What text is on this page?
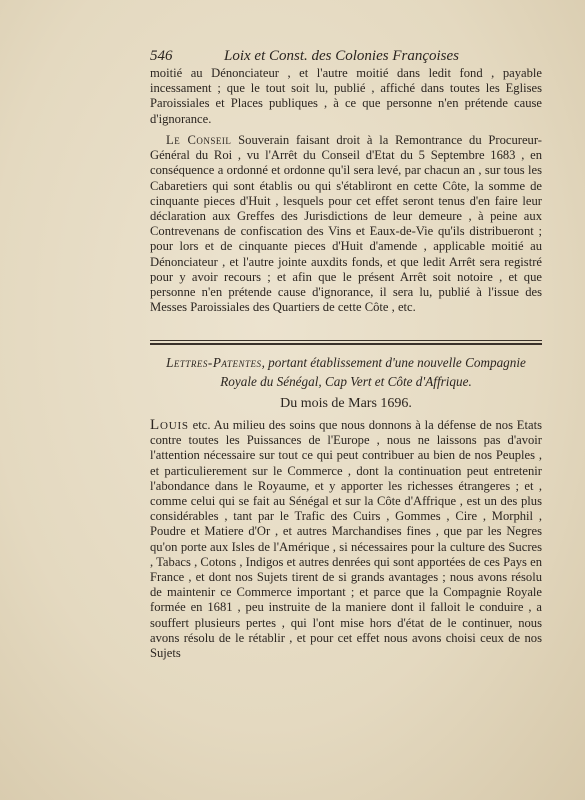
546	Loix et Const. des Colonies Françoises

moitié au Dénonciateur , et l'autre moitié dans ledit fond , payable incessament ; que le tout soit lu, publié , affiché dans toutes les Eglises Paroissiales et Places publiques , à ce que personne n'en prétende cause d'ignorance.

Le Conseil Souverain faisant droit à la Remontrance du Procureur-Général du Roi , vu l'Arrêt du Conseil d'Etat du 5 Septembre 1683 , en conséquence a ordonné et ordonne qu'il sera levé, par chacun an , sur tous les Cabaretiers qui sont établis ou qui s'établiront en cette Côte, la somme de cinquante pieces d'Huit , lesquels pour cet effet seront tenus d'en faire leur déclaration aux Greffes des Jurisdictions de leur demeure , à peine aux Contrevenans de confiscation des Vins et Eaux-de-Vie qu'ils distribueront ; pour lors et de cinquante pieces d'Huit d'amende , applicable moitié au Dénonciateur , et l'autre jointe auxdits fonds, et que ledit Arrêt sera registré pour y avoir recours ; et afin que le présent Arrêt soit notoire , et que personne n'en prétende cause d'ignorance, il sera lu, publié à l'issue des Messes Paroissiales des Quartiers de cette Côte , etc.

Lettres-Patentes, portant établissement d'une nouvelle Compagnie Royale du Sénégal, Cap Vert et Côte d'Affrique.

Du mois de Mars 1696.

Louis etc. Au milieu des soins que nous donnons à la défense de nos Etats contre toutes les Puissances de l'Europe , nous ne laissons pas d'avoir l'attention nécessaire sur tout ce qui peut contribuer au bien de nos Peuples , et particulierement sur le Commerce , dont la continuation peut entretenir l'abondance dans le Royaume, et y apporter les richesses étrangeres ; et , comme celui qui se fait au Sénégal et sur la Côte d'Affrique , est un des plus considérables , tant par le Trafic des Cuirs , Gommes , Cire , Morphil , Poudre et Matiere d'Or , et autres Marchandises fines , que par les Negres qu'on porte aux Isles de l'Amérique , si nécessaires pour la culture des Sucres , Tabacs , Cotons , Indigos et autres denrées qui sont apportées de ces Pays en France , et dont nos Sujets tirent de si grands avantages ; nous avons résolu de maintenir ce Commerce important ; et parce que la Compagnie Royale formée en 1681 , peu instruite de la maniere dont il falloit le conduire , a souffert plusieurs pertes , qui l'ont mise hors d'état de le continuer, nous avons résolu de le rétablir , et pour cet effet nous avons choisi ceux de nos Sujets
